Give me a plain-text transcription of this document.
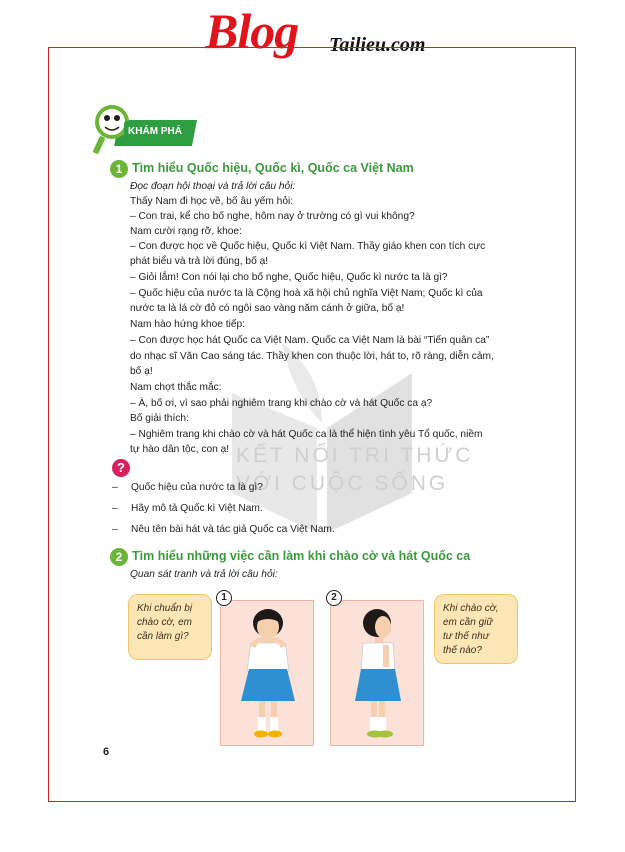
Blog Tailieu.com
KẾT NỐI TRI THỨC
VỚI CUỘC SỐNG
KHÁM PHÁ
1 Tìm hiểu Quốc hiệu, Quốc kì, Quốc ca Việt Nam
Đọc đoạn hội thoại và trả lời câu hỏi:
Thấy Nam đi học về, bố âu yếm hỏi:
– Con trai, kể cho bố nghe, hôm nay ở trường có gì vui không?
Nam cười rạng rỡ, khoe:
– Con được học về Quốc hiệu, Quốc kì Việt Nam. Thầy giáo khen con tích cực
phát biểu và trả lời đúng, bố ạ!
– Giỏi lắm! Con nói lại cho bố nghe, Quốc hiệu, Quốc kì nước ta là gì?
– Quốc hiệu của nước ta là Cộng hoà xã hội chủ nghĩa Việt Nam; Quốc kì của
nước ta là lá cờ đỏ có ngôi sao vàng năm cánh ở giữa, bố ạ!
Nam hào hứng khoe tiếp:
– Con được học hát Quốc ca Việt Nam. Quốc ca Việt Nam là bài “Tiến quân ca”
do nhạc sĩ Văn Cao sáng tác. Thầy khen con thuộc lời, hát to, rõ ràng, diễn cảm,
bố ạ!
Nam chợt thắc mắc:
– À, bố ơi, vì sao phải nghiêm trang khi chào cờ và hát Quốc ca ạ?
Bố giải thích:
– Nghiêm trang khi chào cờ và hát Quốc ca là thể hiện tình yêu Tổ quốc, niềm
tự hào dân tộc, con ạ!
?
– Quốc hiệu của nước ta là gì?
– Hãy mô tả Quốc kì Việt Nam.
– Nêu tên bài hát và tác giả Quốc ca Việt Nam.
2 Tìm hiểu những việc cần làm khi chào cờ và hát Quốc ca
Quan sát tranh và trả lời câu hỏi:
Khi chuẩn bị
chào cờ, em
cần làm gì?
Khi chào cờ,
em cần giữ
tư thế như
thế nào?
1	2
6
